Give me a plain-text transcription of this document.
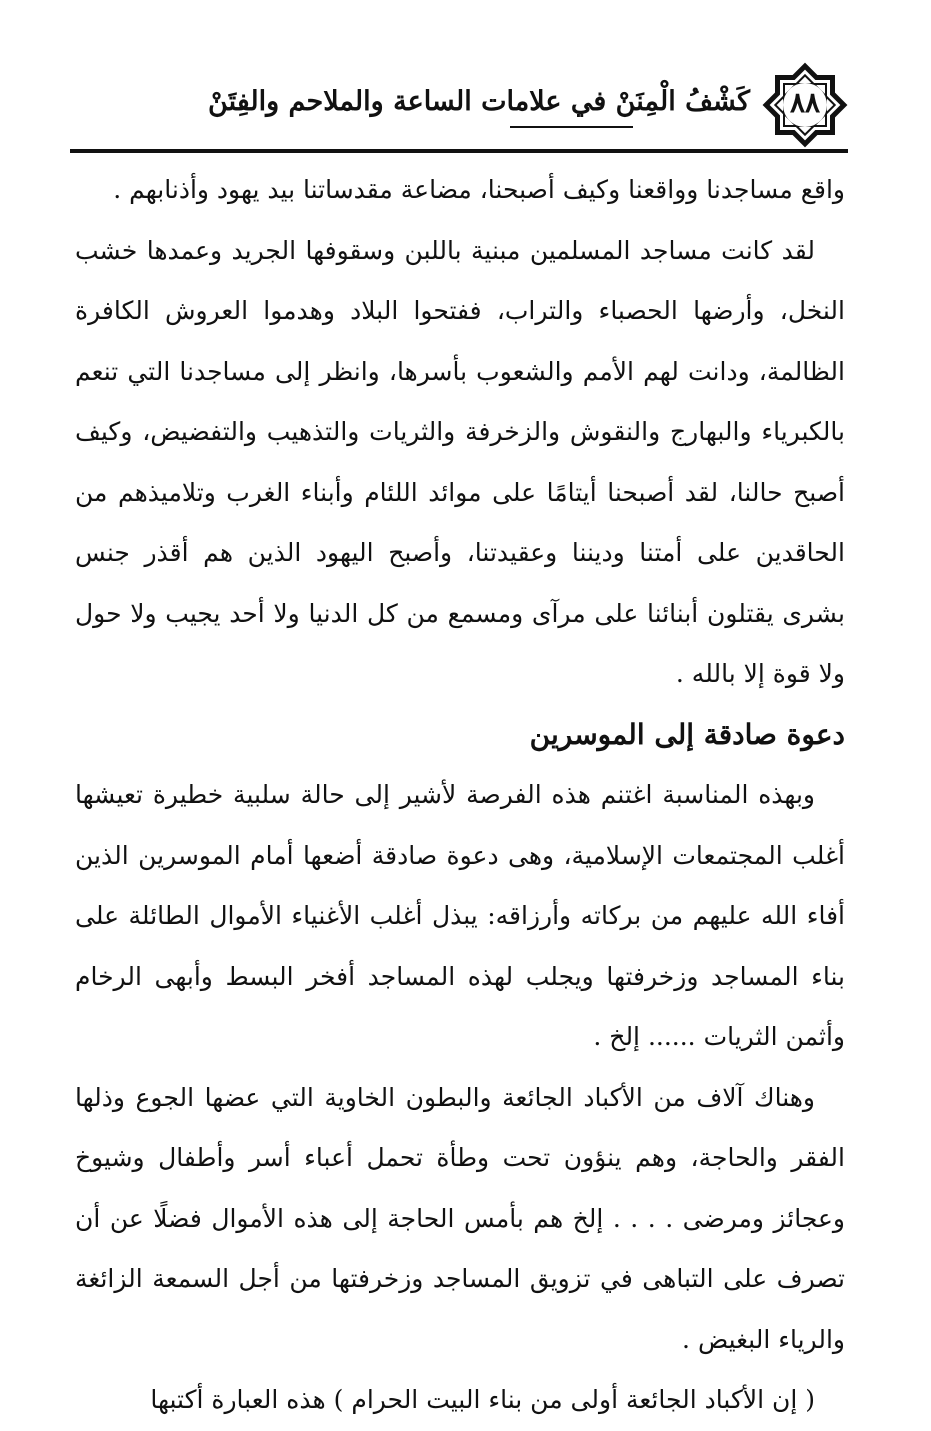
٨٨
كَشْفُ الْمِنَنْ في علامات الساعة والملاحم والفِتَنْ

واقع مساجدنا وواقعنا وكيف أصبحنا، مضاعة مقدساتنا بيد يهود وأذنابهم .

لقد كانت مساجد المسلمين مبنية باللبن وسقوفها الجريد وعمدها خشب النخل، وأرضها الحصباء والتراب، ففتحوا البلاد وهدموا العروش الكافرة الظالمة، ودانت لهم الأمم والشعوب بأسرها، وانظر إلى مساجدنا التي تنعم بالكبرياء والبهارج والنقوش والزخرفة والثريات والتذهيب والتفضيض، وكيف أصبح حالنا، لقد أصبحنا أيتامًا على موائد اللئام وأبناء الغرب وتلاميذهم من الحاقدين على أمتنا وديننا وعقيدتنا، وأصبح اليهود الذين هم أقذر جنس بشرى يقتلون أبنائنا على مرآى ومسمع من كل الدنيا ولا أحد يجيب ولا حول ولا قوة إلا بالله .

دعوة صادقة إلى الموسرين

وبهذه المناسبة اغتنم هذه الفرصة لأشير إلى حالة سلبية خطيرة تعيشها أغلب المجتمعات الإسلامية، وهى دعوة صادقة أضعها أمام الموسرين الذين أفاء الله عليهم من بركاته وأرزاقه: يبذل أغلب الأغنياء الأموال الطائلة على بناء المساجد وزخرفتها ويجلب لهذه المساجد أفخر البسط وأبهى الرخام وأثمن الثريات ...... إلخ .

وهناك آلاف من الأكباد الجائعة والبطون الخاوية التي عضها الجوع وذلها الفقر والحاجة، وهم ينؤون تحت وطأة تحمل أعباء أسر وأطفال وشيوخ وعجائز ومرضى . . . . إلخ هم بأمس الحاجة إلى هذه الأموال فضلًا عن أن تصرف على التباهى في تزويق المساجد وزخرفتها من أجل السمعة الزائغة والرياء البغيض .

( إن الأكباد الجائعة أولى من بناء البيت الحرام ) هذه العبارة أكتبها
